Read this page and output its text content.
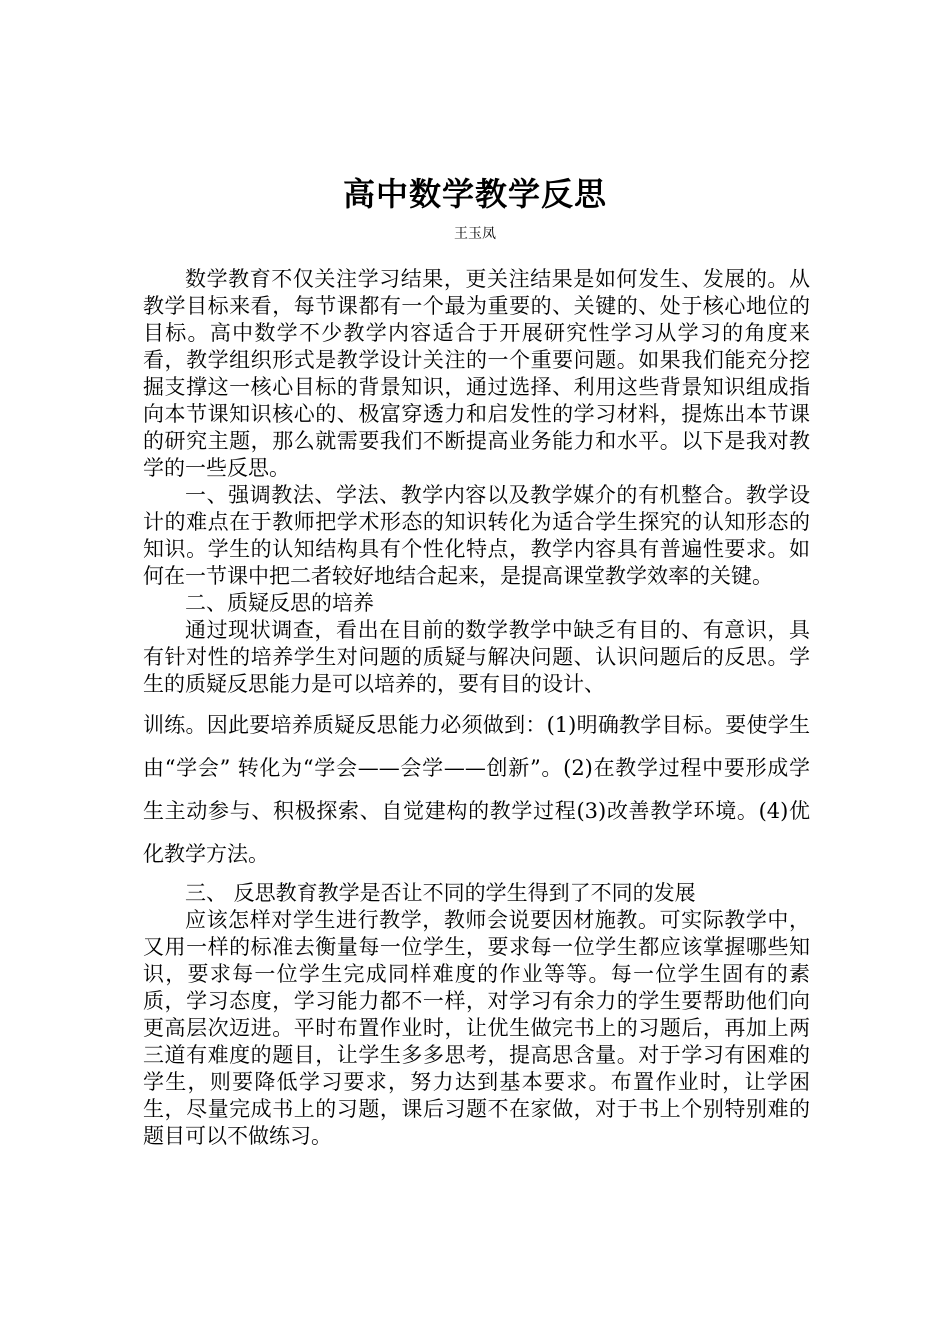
高中数学教学反思
王玉凤

数学教育不仅关注学习结果，更关注结果是如何发生、发展的。从教学目标来看，每节课都有一个最为重要的、关键的、处于核心地位的目标。高中数学不少教学内容适合于开展研究性学习从学习的角度来看，教学组织形式是教学设计关注的一个重要问题。如果我们能充分挖掘支撑这一核心目标的背景知识，通过选择、利用这些背景知识组成指向本节课知识核心的、极富穿透力和启发性的学习材料，提炼出本节课的研究主题，那么就需要我们不断提高业务能力和水平。以下是我对教学的一些反思。

一、强调教法、学法、教学内容以及教学媒介的有机整合。教学设计的难点在于教师把学术形态的知识转化为适合学生探究的认知形态的知识。学生的认知结构具有个性化特点，教学内容具有普遍性要求。如何在一节课中把二者较好地结合起来，是提高课堂教学效率的关键。

二、质疑反思的培养

通过现状调查，看出在目前的数学教学中缺乏有目的、有意识，具有针对性的培养学生对问题的质疑与解决问题、认识问题后的反思。学生的质疑反思能力是可以培养的，要有目的设计、

训练。因此要培养质疑反思能力必须做到：(1)明确教学目标。要使学生由“学会” 转化为“学会——会学——创新”。(2)在教学过程中要形成学生主动参与、积极探索、自觉建构的教学过程(3)改善教学环境。(4)优化教学方法。

三、 反思教育教学是否让不同的学生得到了不同的发展

应该怎样对学生进行教学，教师会说要因材施教。可实际教学中，又用一样的标准去衡量每一位学生，要求每一位学生都应该掌握哪些知识，要求每一位学生完成同样难度的作业等等。每一位学生固有的素质，学习态度，学习能力都不一样，对学习有余力的学生要帮助他们向更高层次迈进。平时布置作业时，让优生做完书上的习题后，再加上两三道有难度的题目，让学生多多思考，提高思含量。对于学习有困难的学生，则要降低学习要求，努力达到基本要求。布置作业时，让学困生，尽量完成书上的习题，课后习题不在家做，对于书上个别特别难的题目可以不做练习。
